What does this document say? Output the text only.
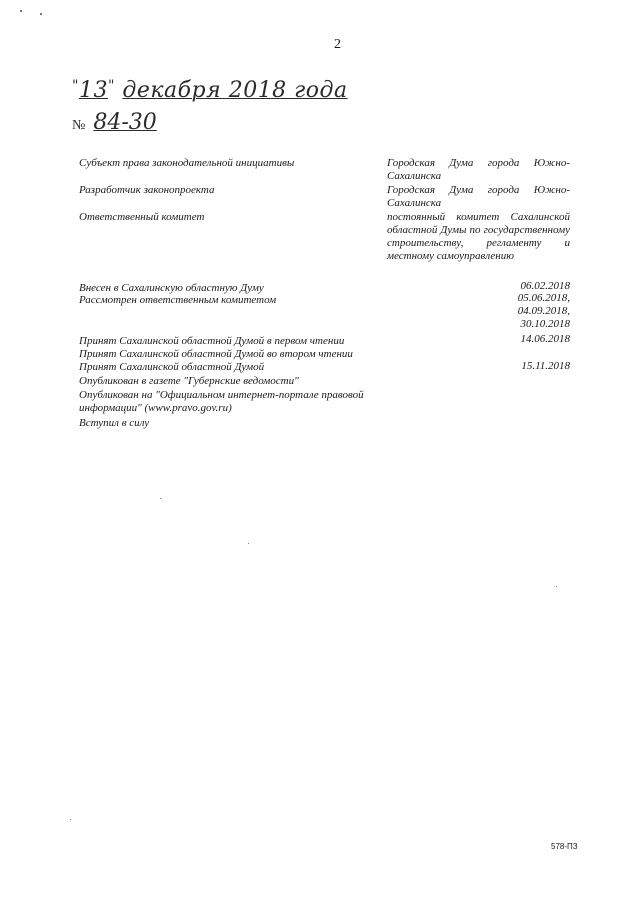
2
"13" декабря 2018 года
№ 84-30
Субъект права законодательной инициативы	Городская Дума города Южно-Сахалинска
Разработчик законопроекта	Городская Дума города Южно-Сахалинска
Ответственный комитет	постоянный комитет Сахалинской областной Думы по государственному строительству, регламенту и местному самоуправлению
Внесен в Сахалинскую областную Думу	06.02.2018
Рассмотрен ответственным комитетом	05.06.2018,
04.09.2018,
30.10.2018
Принят Сахалинской областной Думой в первом чтении	14.06.2018
Принят Сахалинской областной Думой во втором чтении
Принят Сахалинской областной Думой	15.11.2018
Опубликован в газете "Губернские ведомости"
Опубликован на "Официальном интернет-портале правовой информации" (www.pravo.gov.ru)
Вступил в силу
578-ПЗ
